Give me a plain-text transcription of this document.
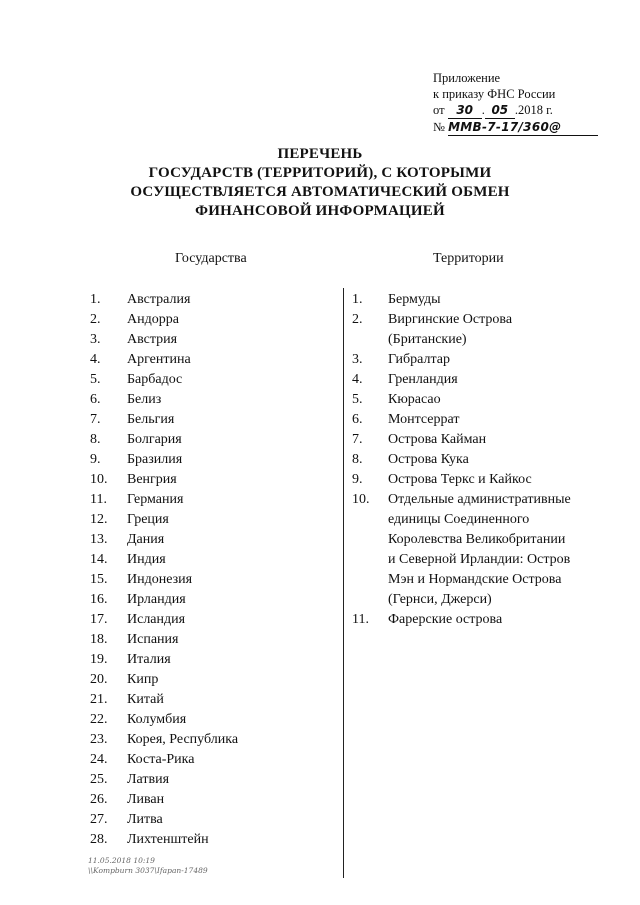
Приложение
к приказу ФНС России
от 30 . 05 .2018 г.
№ ММВ-7-17/360@
ПЕРЕЧЕНЬ
ГОСУДАРСТВ (ТЕРРИТОРИЙ), С КОТОРЫМИ
ОСУЩЕСТВЛЯЕТСЯ АВТОМАТИЧЕСКИЙ ОБМЕН
ФИНАНСОВОЙ ИНФОРМАЦИЕЙ
Государства	Территории
1.	Австралия
2.	Андорра
3.	Австрия
4.	Аргентина
5.	Барбадос
6.	Белиз
7.	Бельгия
8.	Болгария
9.	Бразилия
10.	Венгрия
11.	Германия
12.	Греция
13.	Дания
14.	Индия
15.	Индонезия
16.	Ирландия
17.	Исландия
18.	Испания
19.	Италия
20.	Кипр
21.	Китай
22.	Колумбия
23.	Корея, Республика
24.	Коста-Рика
25.	Латвия
26.	Ливан
27.	Литва
28.	Лихтенштейн
1.	Бермуды
2.	Виргинские Острова
(Британские)
3.	Гибралтар
4.	Гренландия
5.	Кюрасао
6.	Монтсеррат
7.	Острова Кайман
8.	Острова Кука
9.	Острова Теркс и Кайкос
10.	Отдельные административные
единицы Соединенного
Королевства Великобритании
и Северной Ирландии: Остров
Мэн и Нормандские Острова
(Гернси, Джерси)
11.	Фарерские острова
11.05.2018 10:19
\\Kompburn 3037\Ifapan-17489
